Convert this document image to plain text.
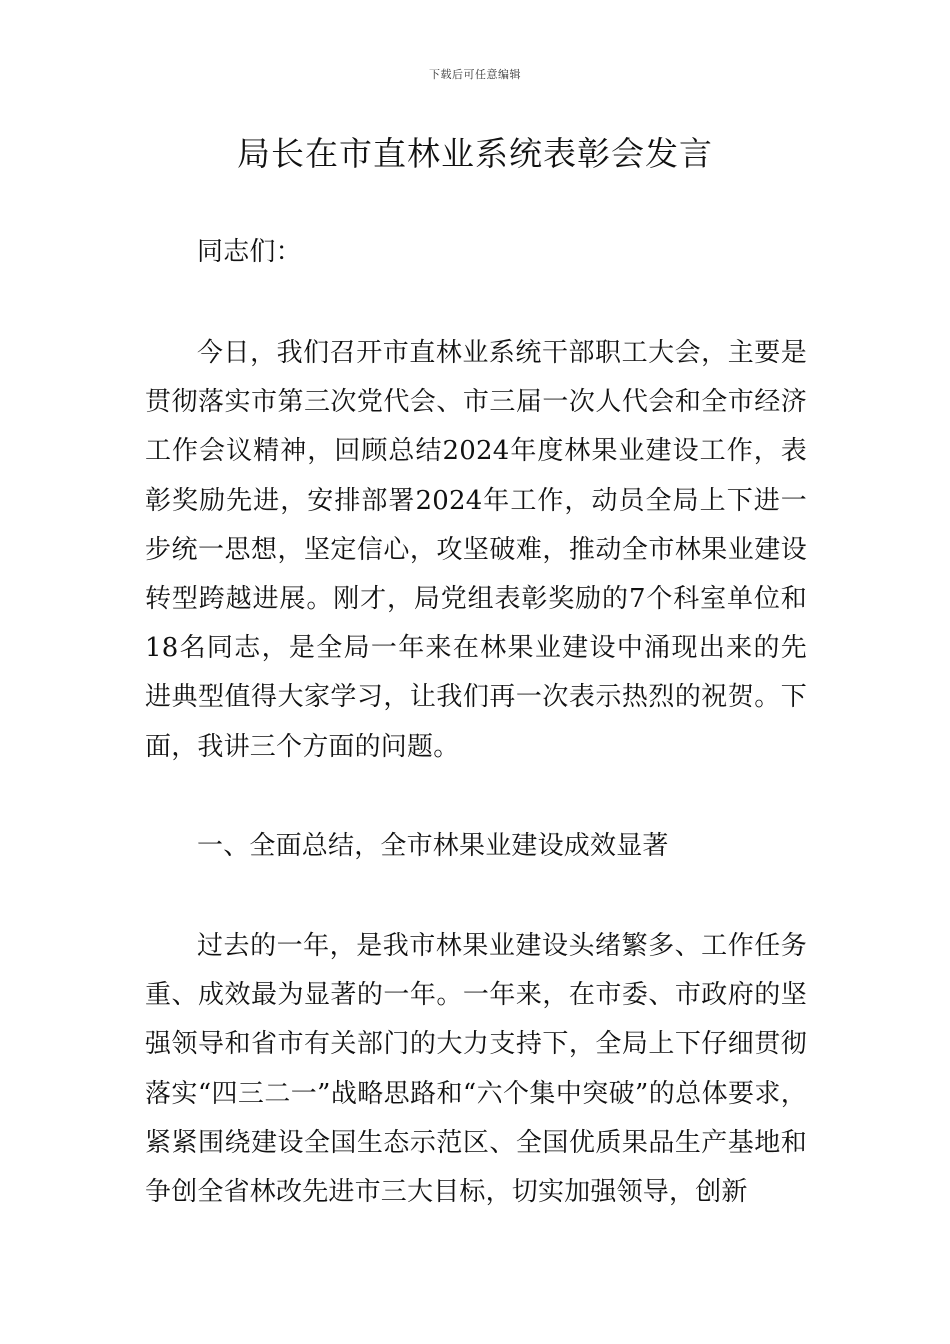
下载后可任意编辑
局长在市直林业系统表彰会发言

同志们：

今日，我们召开市直林业系统干部职工大会，主要是贯彻落实市第三次党代会、市三届一次人代会和全市经济工作会议精神，回顾总结2024年度林果业建设工作，表彰奖励先进，安排部署2024年工作，动员全局上下进一步统一思想，坚定信心，攻坚破难，推动全市林果业建设转型跨越进展。刚才，局党组表彰奖励的7个科室单位和18名同志，是全局一年来在林果业建设中涌现出来的先进典型值得大家学习，让我们再一次表示热烈的祝贺。下面，我讲三个方面的问题。

一、全面总结，全市林果业建设成效显著

过去的一年，是我市林果业建设头绪繁多、工作任务重、成效最为显著的一年。一年来，在市委、市政府的坚强领导和省市有关部门的大力支持下，全局上下仔细贯彻落实“四三二一”战略思路和“六个集中突破”的总体要求，紧紧围绕建设全国生态示范区、全国优质果品生产基地和争创全省林改先进市三大目标，切实加强领导，创新
